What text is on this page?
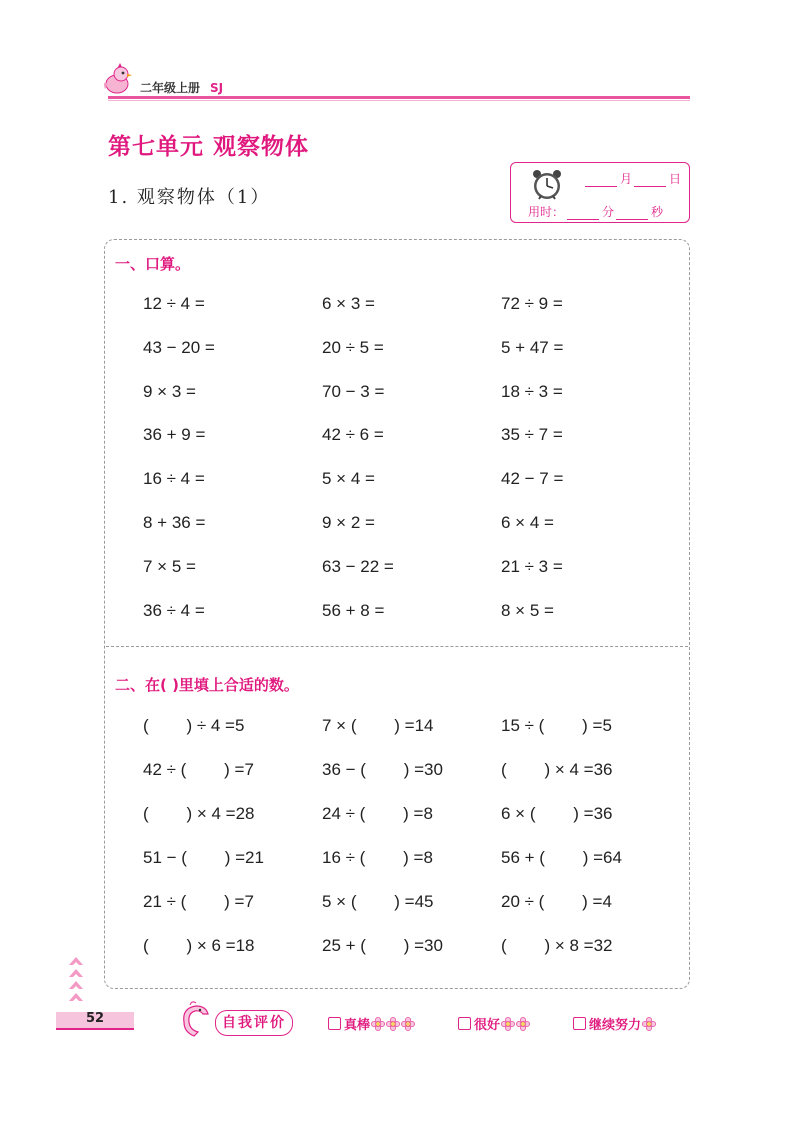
二年级上册 SJ
第七单元 观察物体
1. 观察物体（1）
月	日
用时：	分	秒
一、口算。
二、在( )里填上合适的数。
12 ÷ 4 =	6 × 3 =	72 ÷ 9 =
43 − 20 =	20 ÷ 5 =	5 + 47 =
9 × 3 =	70 − 3 =	18 ÷ 3 =
36 + 9 =	42 ÷ 6 =	35 ÷ 7 =
16 ÷ 4 =	5 × 4 =	42 − 7 =
8 + 36 =	9 × 2 =	6 × 4 =
7 × 5 =	63 − 22 =	21 ÷ 3 =
36 ÷ 4 =	56 + 8 =	8 × 5 =
(        ) ÷ 4 =5	7 × (        ) =14	15 ÷ (        ) =5
42 ÷ (        ) =7	36 − (        ) =30	(        ) × 4 =36
(        ) × 4 =28	24 ÷ (        ) =8	6 × (        ) =36
51 − (        ) =21	16 ÷ (        ) =8	56 + (        ) =64
21 ÷ (        ) =7	5 × (        ) =45	20 ÷ (        ) =4
(        ) × 6 =18	25 + (        ) =30	(        ) × 8 =32
52	自我评价	真棒	很好	继续努力
